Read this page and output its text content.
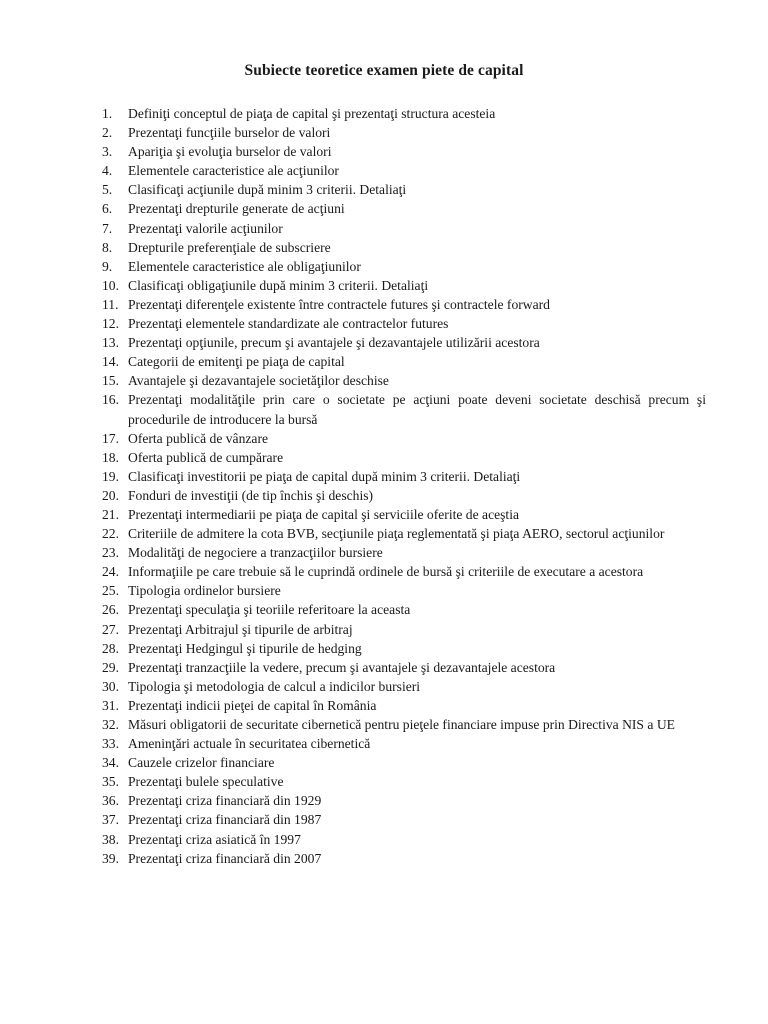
Subiecte teoretice examen piete de capital
1.	Definiţi conceptul de piaţa de capital şi prezentaţi structura acesteia
2.	Prezentaţi funcţiile burselor de valori
3.	Apariţia şi evoluţia burselor de valori
4.	Elementele caracteristice ale acţiunilor
5.	Clasificaţi acţiunile după minim 3 criterii. Detaliaţi
6.	Prezentaţi drepturile generate de acţiuni
7.	Prezentaţi valorile acţiunilor
8.	Drepturile preferenţiale de subscriere
9.	Elementele caracteristice ale obligaţiunilor
10. Clasificaţi obligaţiunile după minim 3 criterii. Detaliaţi
11. Prezentaţi diferenţele existente între contractele futures şi contractele forward
12. Prezentaţi elementele standardizate ale contractelor futures
13. Prezentaţi opţiunile, precum şi avantajele şi dezavantajele utilizării acestora
14. Categorii de emitenţi pe piaţa de capital
15. Avantajele şi dezavantajele societăţilor deschise
16. Prezentaţi modalităţile prin care o societate pe acţiuni poate deveni societate deschisă precum şi procedurile de introducere la bursă
17. Oferta publică de vânzare
18. Oferta publică de cumpărare
19. Clasificaţi investitorii pe piaţa de capital după minim 3 criterii. Detaliaţi
20. Fonduri de investiţii (de tip închis şi deschis)
21. Prezentaţi intermediarii pe piaţa de capital şi serviciile oferite de aceştia
22. Criteriile de admitere la cota BVB, secţiunile piaţa reglementată şi piaţa AERO, sectorul acţiunilor
23. Modalităţi de negociere a tranzacţiilor bursiere
24. Informaţiile pe care trebuie să le cuprindă ordinele de bursă şi criteriile de executare a acestora
25. Tipologia ordinelor bursiere
26. Prezentaţi speculaţia şi teoriile referitoare la aceasta
27. Prezentaţi Arbitrajul şi tipurile de arbitraj
28. Prezentaţi Hedgingul şi tipurile de hedging
29. Prezentaţi tranzacţiile la vedere, precum şi avantajele şi dezavantajele acestora
30. Tipologia şi metodologia de calcul a indicilor bursieri
31. Prezentaţi indicii pieţei de capital în România
32. Măsuri obligatorii de securitate cibernetică pentru pieţele financiare impuse prin Directiva NIS a UE
33. Ameninţări actuale în securitatea cibernetică
34. Cauzele crizelor financiare
35. Prezentaţi bulele speculative
36. Prezentaţi criza financiară din 1929
37. Prezentaţi criza financiară din 1987
38. Prezentaţi criza asiatică în 1997
39. Prezentaţi criza financiară din 2007
